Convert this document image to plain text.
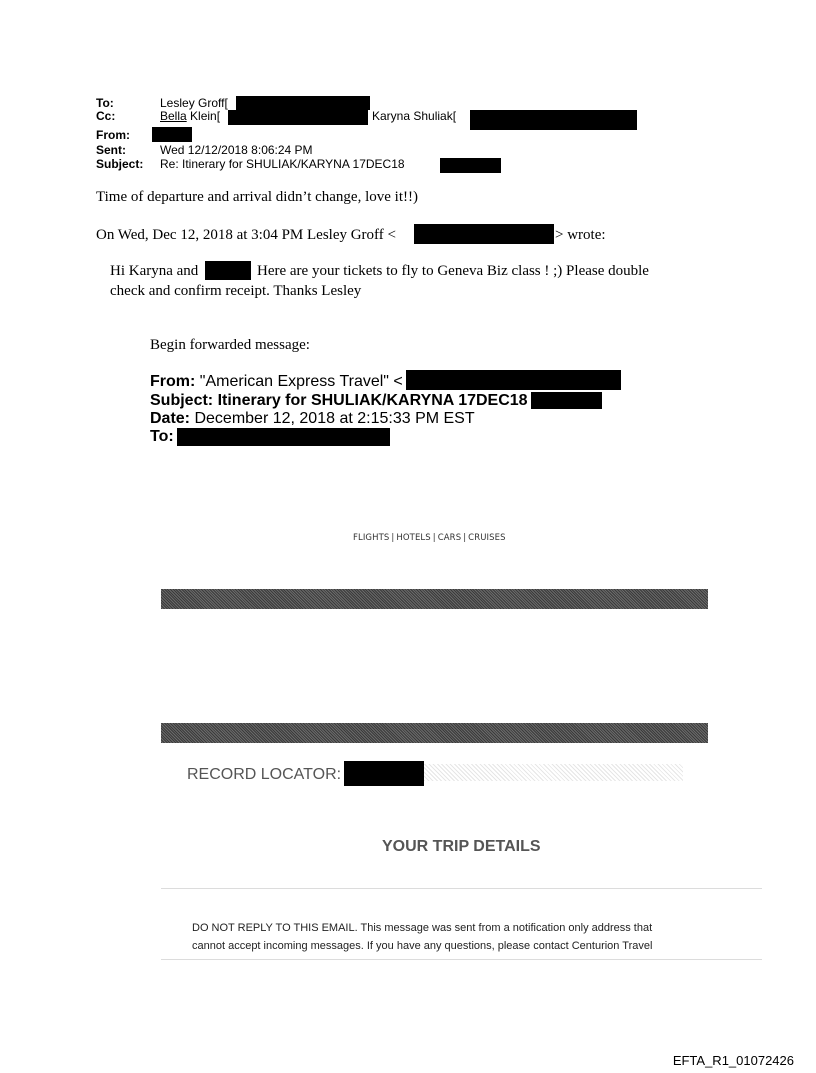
To:	Lesley Groff[
Cc:	Bella Klein[	Karyna Shuliak[
From:
Sent:	Wed 12/12/2018 8:06:24 PM
Subject: Re: Itinerary for SHULIAK/KARYNA 17DEC18
Time of departure and arrival didn’t change, love it!!)
On Wed, Dec 12, 2018 at 3:04 PM Lesley Groff <	> wrote:
Hi Karyna and	Here are your tickets to fly to Geneva Biz class ! ;) Please double
check and confirm receipt. Thanks Lesley
Begin forwarded message:
From: "American Express Travel" <
Subject: Itinerary for SHULIAK/KARYNA 17DEC18
Date: December 12, 2018 at 2:15:33 PM EST
To:
FLIGHTS | HOTELS | CARS | CRUISES
RECORD LOCATOR:
YOUR TRIP DETAILS

DO NOT REPLY TO THIS EMAIL. This message was sent from a notification only address that

cannot accept incoming messages. If you have any questions, please contact Centurion Travel

EFTA_R1_01072426
